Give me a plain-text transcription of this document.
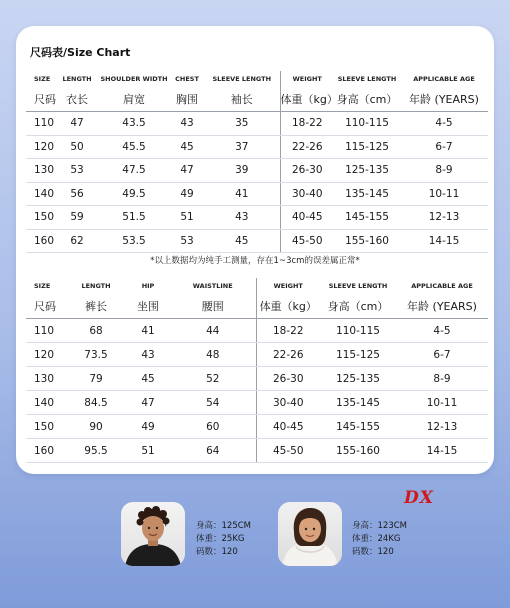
尺码表/Size Chart
SIZE	LENGTH	SHOULDER WIDTH	CHEST	SLEEVE LENGTH	WEIGHT	SLEEVE LENGTH	APPLICABLE AGE
尺码	衣长	肩宽	胸围	袖长	体重（kg）	身高（cm）	年龄 (YEARS)
110	47	43.5	43	35	18-22	110-115	4-5
120	50	45.5	45	37	22-26	115-125	6-7
130	53	47.5	47	39	26-30	125-135	8-9
140	56	49.5	49	41	30-40	135-145	10-11
150	59	51.5	51	43	40-45	145-155	12-13
160	62	53.5	53	45	45-50	155-160	14-15
*以上数据均为纯手工测量，存在1~3cm的误差属正常*
SIZE	LENGTH	HIP	WAISTLINE	WEIGHT	SLEEVE LENGTH	APPLICABLE AGE
尺码	裤长	坐围	腰围	体重（kg）	身高（cm）	年龄 (YEARS)
110	68	41	44	18-22	110-115	4-5
120	73.5	43	48	22-26	115-125	6-7
130	79	45	52	26-30	125-135	8-9
140	84.5	47	54	30-40	135-145	10-11
150	90	49	60	40-45	145-155	12-13
160	95.5	51	64	45-50	155-160	14-15
DX
身高：125CM
体重：25KG
码数：120
身高：123CM
体重：24KG
码数：120
